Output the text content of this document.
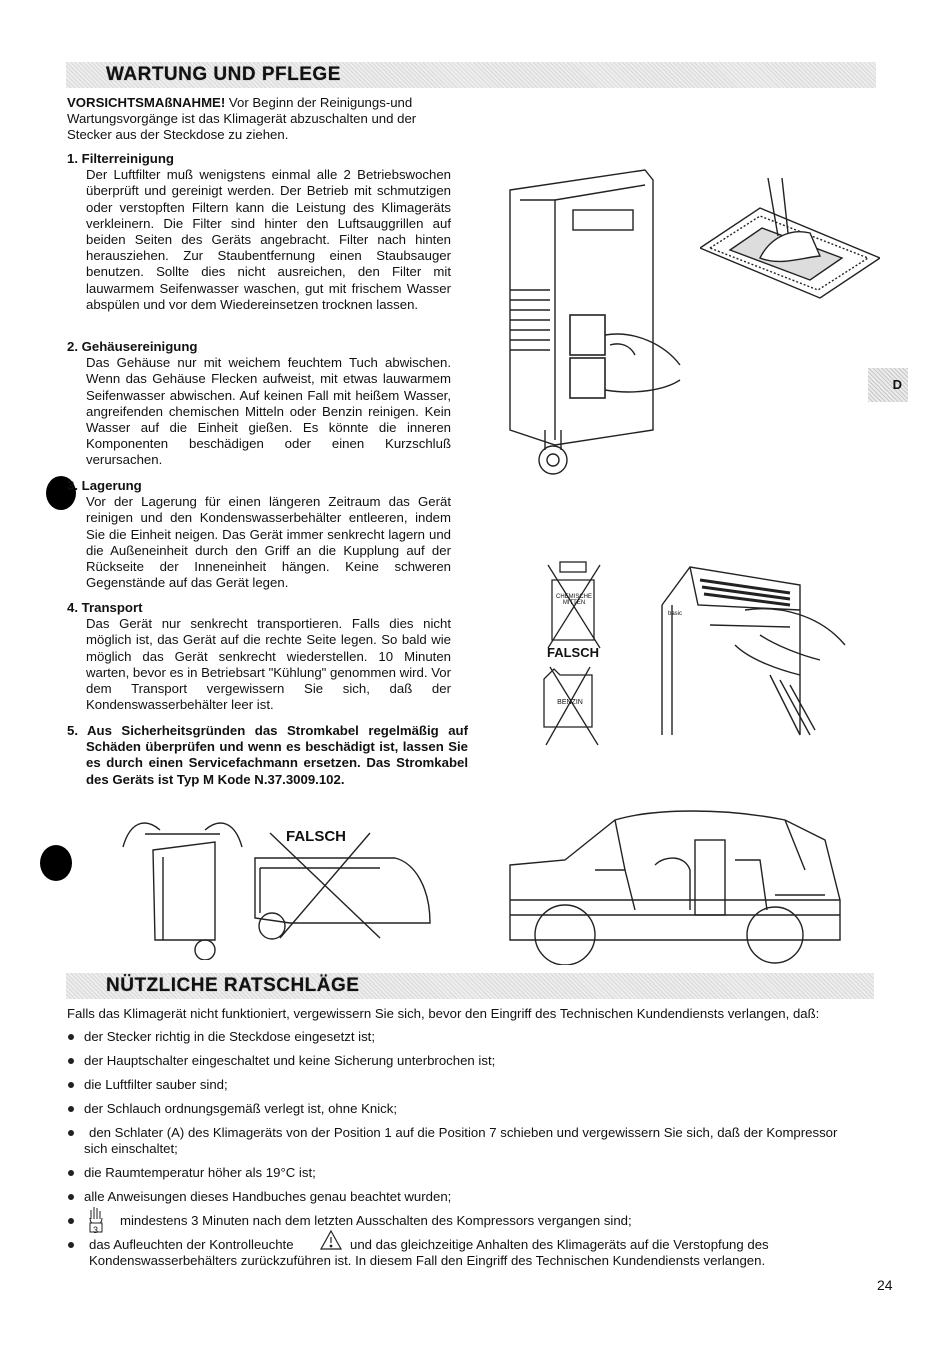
WARTUNG UND PFLEGE
VORSICHTSMAßNAHME! Vor Beginn der Reinigungs-und
Wartungsvorgänge ist das Klimagerät abzuschalten und der
Stecker aus der Steckdose zu ziehen.
1. Filterreinigung
Der Luftfilter muß wenigstens einmal alle 2 Betriebswochen überprüft und gereinigt werden. Der Betrieb mit schmutzigen oder verstopften Filtern kann die Leistung des Klimageräts verkleinern. Die Filter sind hinter den Luftsauggrillen auf beiden Seiten des Geräts angebracht. Filter nach hinten herausziehen. Zur Staubentfernung einen Staubsauger benutzen. Sollte dies nicht ausreichen, den Filter mit lauwarmem Seifenwasser waschen, gut mit frischem Wasser abspülen und vor dem Wiedereinsetzen trocknen lassen.
2. Gehäusereinigung
Das Gehäuse nur mit weichem feuchtem Tuch abwischen. Wenn das Gehäuse Flecken aufweist, mit etwas lauwarmem Seifenwasser abwischen. Auf keinen Fall mit heißem Wasser, angreifenden chemischen Mitteln oder Benzin reinigen. Kein Wasser auf die Einheit gießen. Es könnte die inneren Komponenten beschädigen oder einen Kurzschluß verursachen.
3. Lagerung
Vor der Lagerung für einen längeren Zeitraum das Gerät reinigen und den Kondenswasserbehälter entleeren, indem Sie die Einheit neigen. Das Gerät immer senkrecht lagern und die Außeneinheit durch den Griff an die Kupplung auf der Rückseite der Inneneinheit hängen. Keine schweren Gegenstände auf das Gerät legen.
4. Transport
Das Gerät nur senkrecht transportieren. Falls dies nicht möglich ist, das Gerät auf die rechte Seite legen. So bald wie möglich das Gerät senkrecht wiederstellen. 10 Minuten warten, bevor es in Betriebsart "Kühlung" genommen wird. Vor dem Transport vergewissern Sie sich, daß der Kondenswasserbehälter leer ist.
5. Aus Sicherheitsgründen das Stromkabel regelmäßig auf Schäden überprüfen und wenn es beschädigt ist, lassen Sie es durch einen Servicefachmann ersetzen. Das Stromkabel des Geräts ist Typ M Kode N.37.3009.102.
D
CHEMISCHE MITTEN
FALSCH
BENZIN
basic
FALSCH
NÜTZLICHE RATSCHLÄGE
Falls das Klimagerät nicht funktioniert, vergewissern Sie sich, bevor den Eingriff des Technischen Kundendiensts verlangen, daß:
der Stecker richtig in die Steckdose eingesetzt ist;
der Hauptschalter eingeschaltet und keine Sicherung unterbrochen ist;
die Luftfilter sauber sind;
der Schlauch ordnungsgemäß verlegt ist, ohne Knick;
den Schlater (A) des Klimageräts von der Position 1 auf die Position 7 schieben und vergewissern Sie sich, daß der Kompressor
sich einschaltet;
die Raumtemperatur höher als 19°C ist;
alle Anweisungen dieses Handbuches genau beachtet wurden;
3
mindestens 3 Minuten nach dem letzten Ausschalten des Kompressors vergangen sind;
das Aufleuchten der Kontrolleuchte	und das gleichzeitige Anhalten des Klimageräts auf die Verstopfung des
Kondenswasserbehälters zurückzuführen ist. In diesem Fall den Eingriff des Technischen Kundendiensts verlangen.
24
